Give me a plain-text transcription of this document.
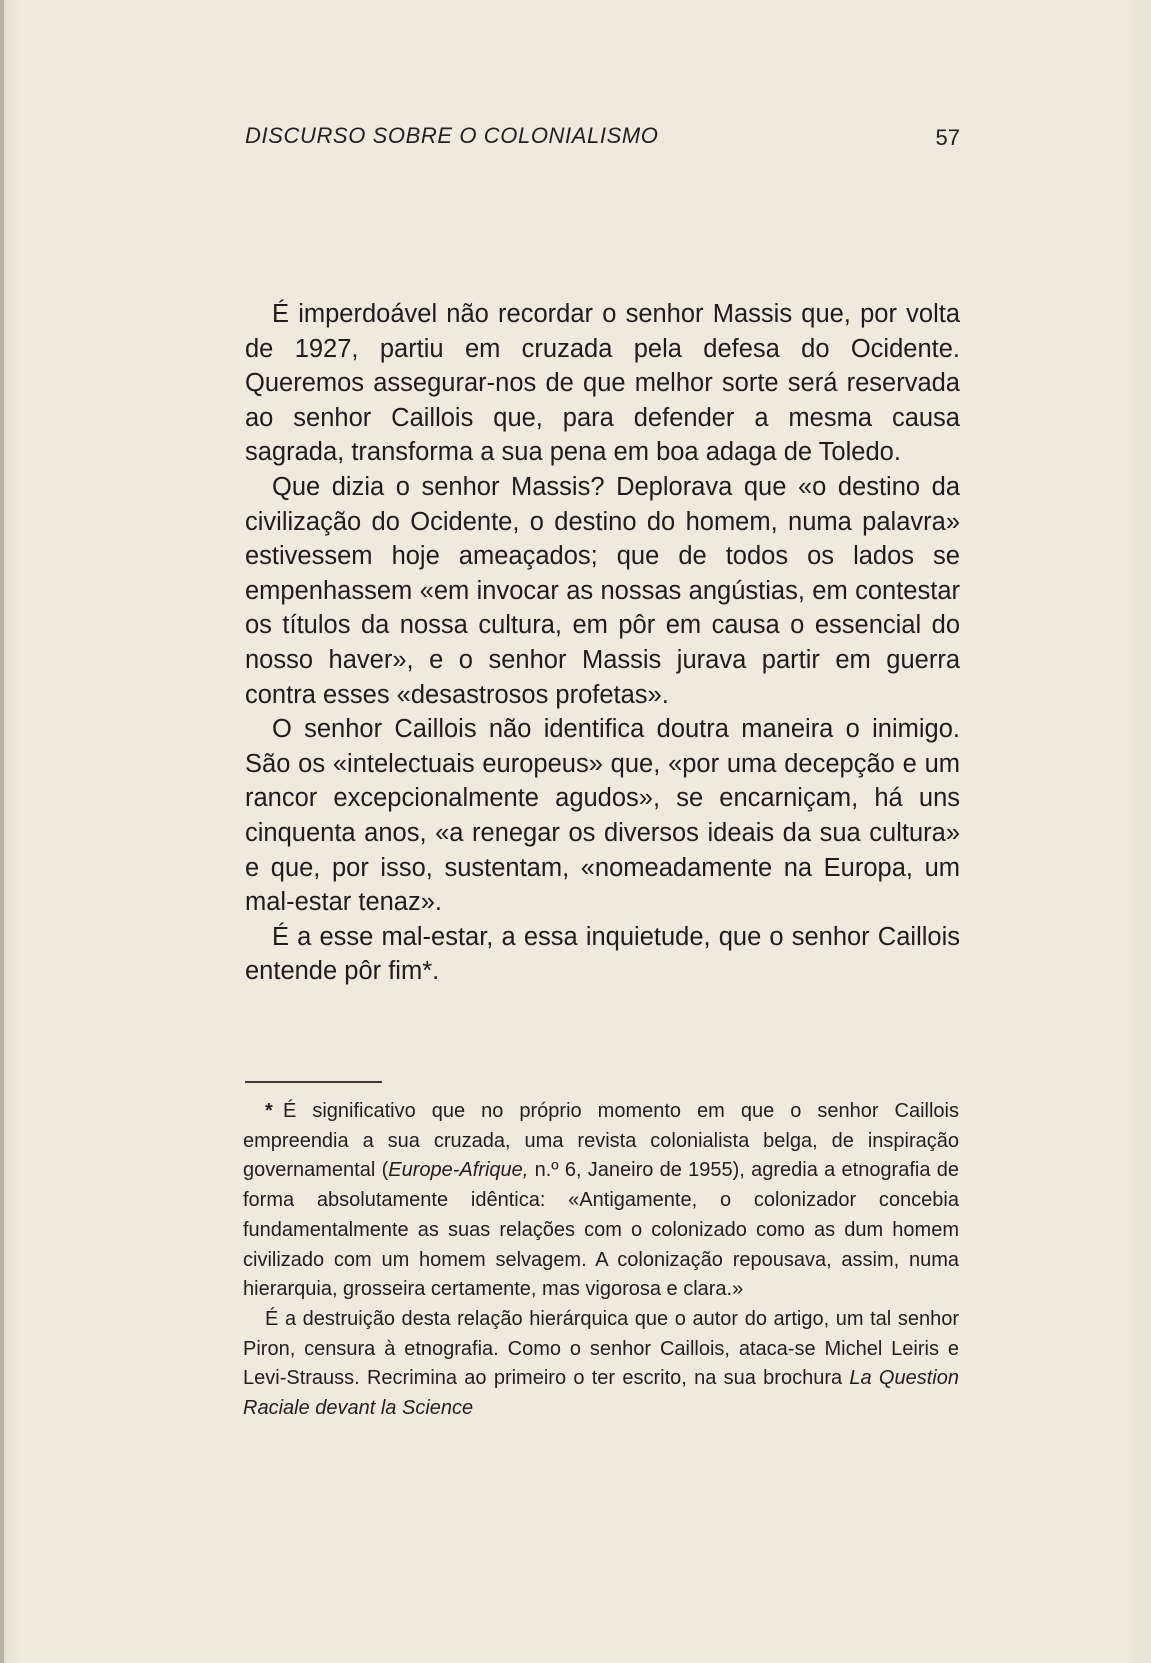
DISCURSO SOBRE O COLONIALISMO	57

É imperdoável não recordar o senhor Massis que, por volta de 1927, partiu em cruzada pela defesa do Ocidente. Queremos assegurar-nos de que melhor sorte será reservada ao senhor Caillois que, para defender a mesma causa sagrada, transforma a sua pena em boa adaga de Toledo.

Que dizia o senhor Massis? Deplorava que «o destino da civilização do Ocidente, o destino do homem, numa palavra» estivessem hoje ameaçados; que de todos os lados se empenhassem «em invocar as nossas angústias, em contestar os títulos da nossa cultura, em pôr em causa o essencial do nosso haver», e o senhor Massis jurava partir em guerra contra esses «desastrosos profetas».

O senhor Caillois não identifica doutra maneira o inimigo. São os «intelectuais europeus» que, «por uma decepção e um rancor excepcionalmente agudos», se encarniçam, há uns cinquenta anos, «a renegar os diversos ideais da sua cultura» e que, por isso, sustentam, «nomeadamente na Europa, um mal-estar tenaz».

É a esse mal-estar, a essa inquietude, que o senhor Caillois entende pôr fim*.

* É significativo que no próprio momento em que o senhor Caillois empreendia a sua cruzada, uma revista colonialista belga, de inspiração governamental (Europe-Afrique, n.º 6, Janeiro de 1955), agredia a etnografia de forma absolutamente idêntica: «Antigamente, o colonizador concebia fundamentalmente as suas relações com o colonizado como as dum homem civilizado com um homem selvagem. A colonização repousava, assim, numa hierarquia, grosseira certamente, mas vigorosa e clara.»

É a destruição desta relação hierárquica que o autor do artigo, um tal senhor Piron, censura à etnografia. Como o senhor Caillois, ataca-se Michel Leiris e Levi-Strauss. Recrimina ao primeiro o ter escrito, na sua brochura La Question Raciale devant la Science
